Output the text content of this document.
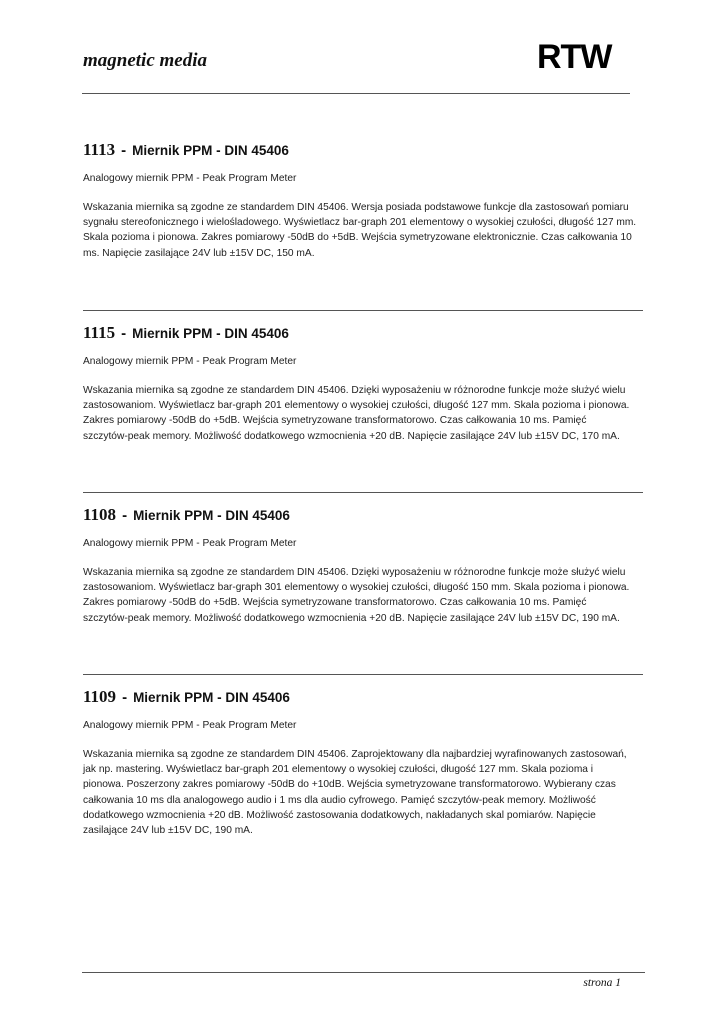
magnetic media	RTW
1113 - Miernik PPM - DIN 45406
Analogowy miernik PPM - Peak Program Meter
Wskazania miernika są zgodne ze standardem DIN 45406. Wersja posiada podstawowe funkcje dla zastosowań pomiaru
sygnału stereofonicznego i wielośladowego. Wyświetlacz bar-graph 201 elementowy o wysokiej czułości, długość 127 mm.
Skala pozioma i pionowa. Zakres pomiarowy -50dB do +5dB. Wejścia symetryzowane elektronicznie. Czas całkowania 10
ms. Napięcie zasilające 24V lub ±15V DC, 150 mA.
1115 - Miernik PPM - DIN 45406
Analogowy miernik PPM - Peak Program Meter
Wskazania miernika są zgodne ze standardem DIN 45406. Dzięki wyposażeniu w różnorodne funkcje może służyć wielu
zastosowaniom. Wyświetlacz bar-graph 201 elementowy o wysokiej czułości, długość 127 mm. Skala pozioma i pionowa.
Zakres pomiarowy -50dB do +5dB. Wejścia symetryzowane transformatorowo. Czas całkowania 10 ms. Pamięć
szczytów-peak memory. Możliwość dodatkowego wzmocnienia +20 dB. Napięcie zasilające 24V lub ±15V DC, 170 mA.
1108 - Miernik PPM - DIN 45406
Analogowy miernik PPM - Peak Program Meter
Wskazania miernika są zgodne ze standardem DIN 45406. Dzięki wyposażeniu w różnorodne funkcje może służyć wielu
zastosowaniom. Wyświetlacz bar-graph 301 elementowy o wysokiej czułości, długość 150 mm. Skala pozioma i pionowa.
Zakres pomiarowy -50dB do +5dB. Wejścia symetryzowane transformatorowo. Czas całkowania 10 ms. Pamięć
szczytów-peak memory. Możliwość dodatkowego wzmocnienia +20 dB. Napięcie zasilające 24V lub ±15V DC, 190 mA.
1109 - Miernik PPM - DIN 45406
Analogowy miernik PPM - Peak Program Meter
Wskazania miernika są zgodne ze standardem DIN 45406. Zaprojektowany dla najbardziej wyrafinowanych zastosowań,
jak np. mastering. Wyświetlacz bar-graph 201 elementowy o wysokiej czułości, długość 127 mm. Skala pozioma i
pionowa. Poszerzony zakres pomiarowy -50dB do +10dB. Wejścia symetryzowane transformatorowo. Wybierany czas
całkowania 10 ms dla analogowego audio i 1 ms dla audio cyfrowego. Pamięć szczytów-peak memory. Możliwość
dodatkowego wzmocnienia +20 dB. Możliwość zastosowania dodatkowych, nakładanych skal pomiarów. Napięcie
zasilające 24V lub ±15V DC, 190 mA.
strona 1
